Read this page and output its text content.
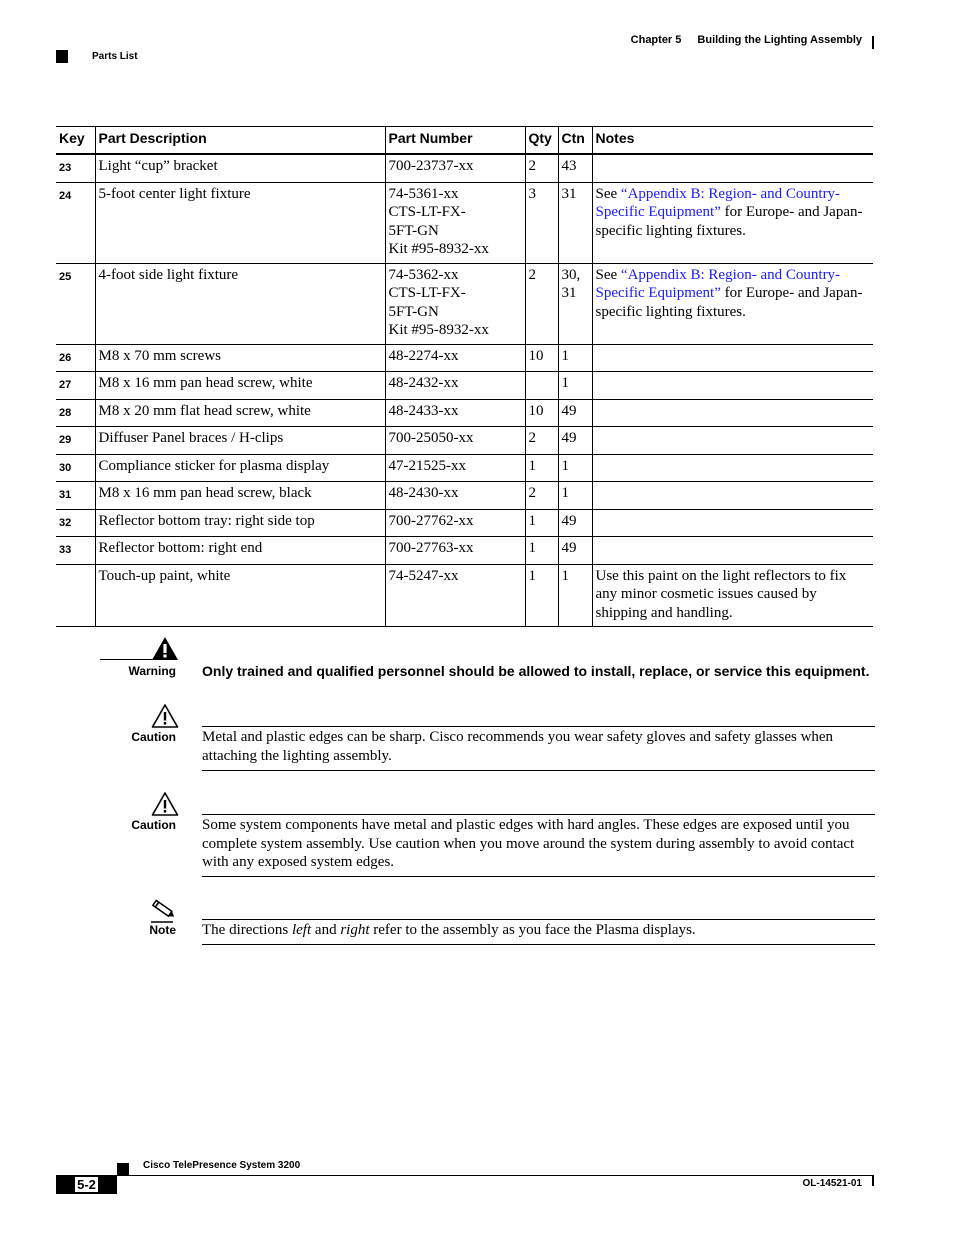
Chapter 5 Building the Lighting Assembly
Parts List
Key	Part Description	Part Number	Qty	Ctn	Notes
23	Light “cup” bracket	700-23737-xx	2	43	
24	5-foot center light fixture	74-5361-xx
CTS-LT-FX-
5FT-GN
Kit #95-8932-xx	3	31	See “Appendix B: Region- and Country-Specific Equipment” for Europe- and Japan-specific lighting fixtures.
25	4-foot side light fixture	74-5362-xx
CTS-LT-FX-
5FT-GN
Kit #95-8932-xx	2	30, 31	See “Appendix B: Region- and Country-Specific Equipment” for Europe- and Japan-specific lighting fixtures.
26	M8 x 70 mm screws	48-2274-xx	10	1	
27	M8 x 16 mm pan head screw, white	48-2432-xx		1	
28	M8 x 20 mm flat head screw, white	48-2433-xx	10	49	
29	Diffuser Panel braces / H-clips	700-25050-xx	2	49	
30	Compliance sticker for plasma display	47-21525-xx	1	1	
31	M8 x 16 mm pan head screw, black	48-2430-xx	2	1	
32	Reflector bottom tray: right side top	700-27762-xx	1	49	
33	Reflector bottom: right end	700-27763-xx	1	49	
	Touch-up paint, white	74-5247-xx	1	1	Use this paint on the light reflectors to fix any minor cosmetic issues caused by shipping and handling.
Warning Only trained and qualified personnel should be allowed to install, replace, or service this equipment.
Caution Metal and plastic edges can be sharp. Cisco recommends you wear safety gloves and safety glasses when attaching the lighting assembly.
Caution Some system components have metal and plastic edges with hard angles. These edges are exposed until you complete system assembly. Use caution when you move around the system during assembly to avoid contact with any exposed system edges.
Note The directions left and right refer to the assembly as you face the Plasma displays.
Cisco TelePresence System 3200
5-2	OL-14521-01
